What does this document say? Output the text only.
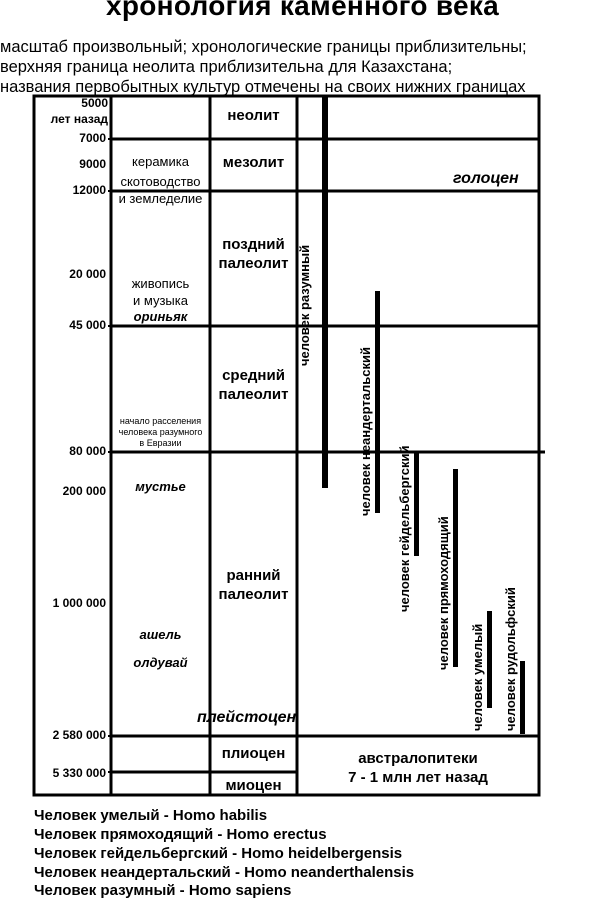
хронология каменного века
масштаб произвольный; хронологические границы приблизительны;
верхняя граница неолита приблизительна для Казахстана;
названия первобытных культур отмечены на своих нижних границах
5000
лет назад
7000
9000
12000
20 000
45 000
80 000
200 000
1 000 000
2 580 000
5 330 000
керамика
скотоводство
и земледелие
живопись
и музыка
ориньяк
начало расселения
человека разумного
в Евразии
мустье
ашель
олдувай
неолит
мезолит
поздний
палеолит
средний
палеолит
ранний
палеолит
плиоцен
миоцен
голоцен
плейстоцен
человек разумный
человек неандертальский
человек гейдельбергский человек прямоходящий
человек умелый человек рудольфский
австралопитеки
7 - 1 млн лет назад
Человек умелый - Homo habilis
Человек прямоходящий - Homo erectus
Человек гейдельбергский - Homo heidelbergensis
Человек неандертальский - Homo neanderthalensis
Человек разумный - Homo sapiens
